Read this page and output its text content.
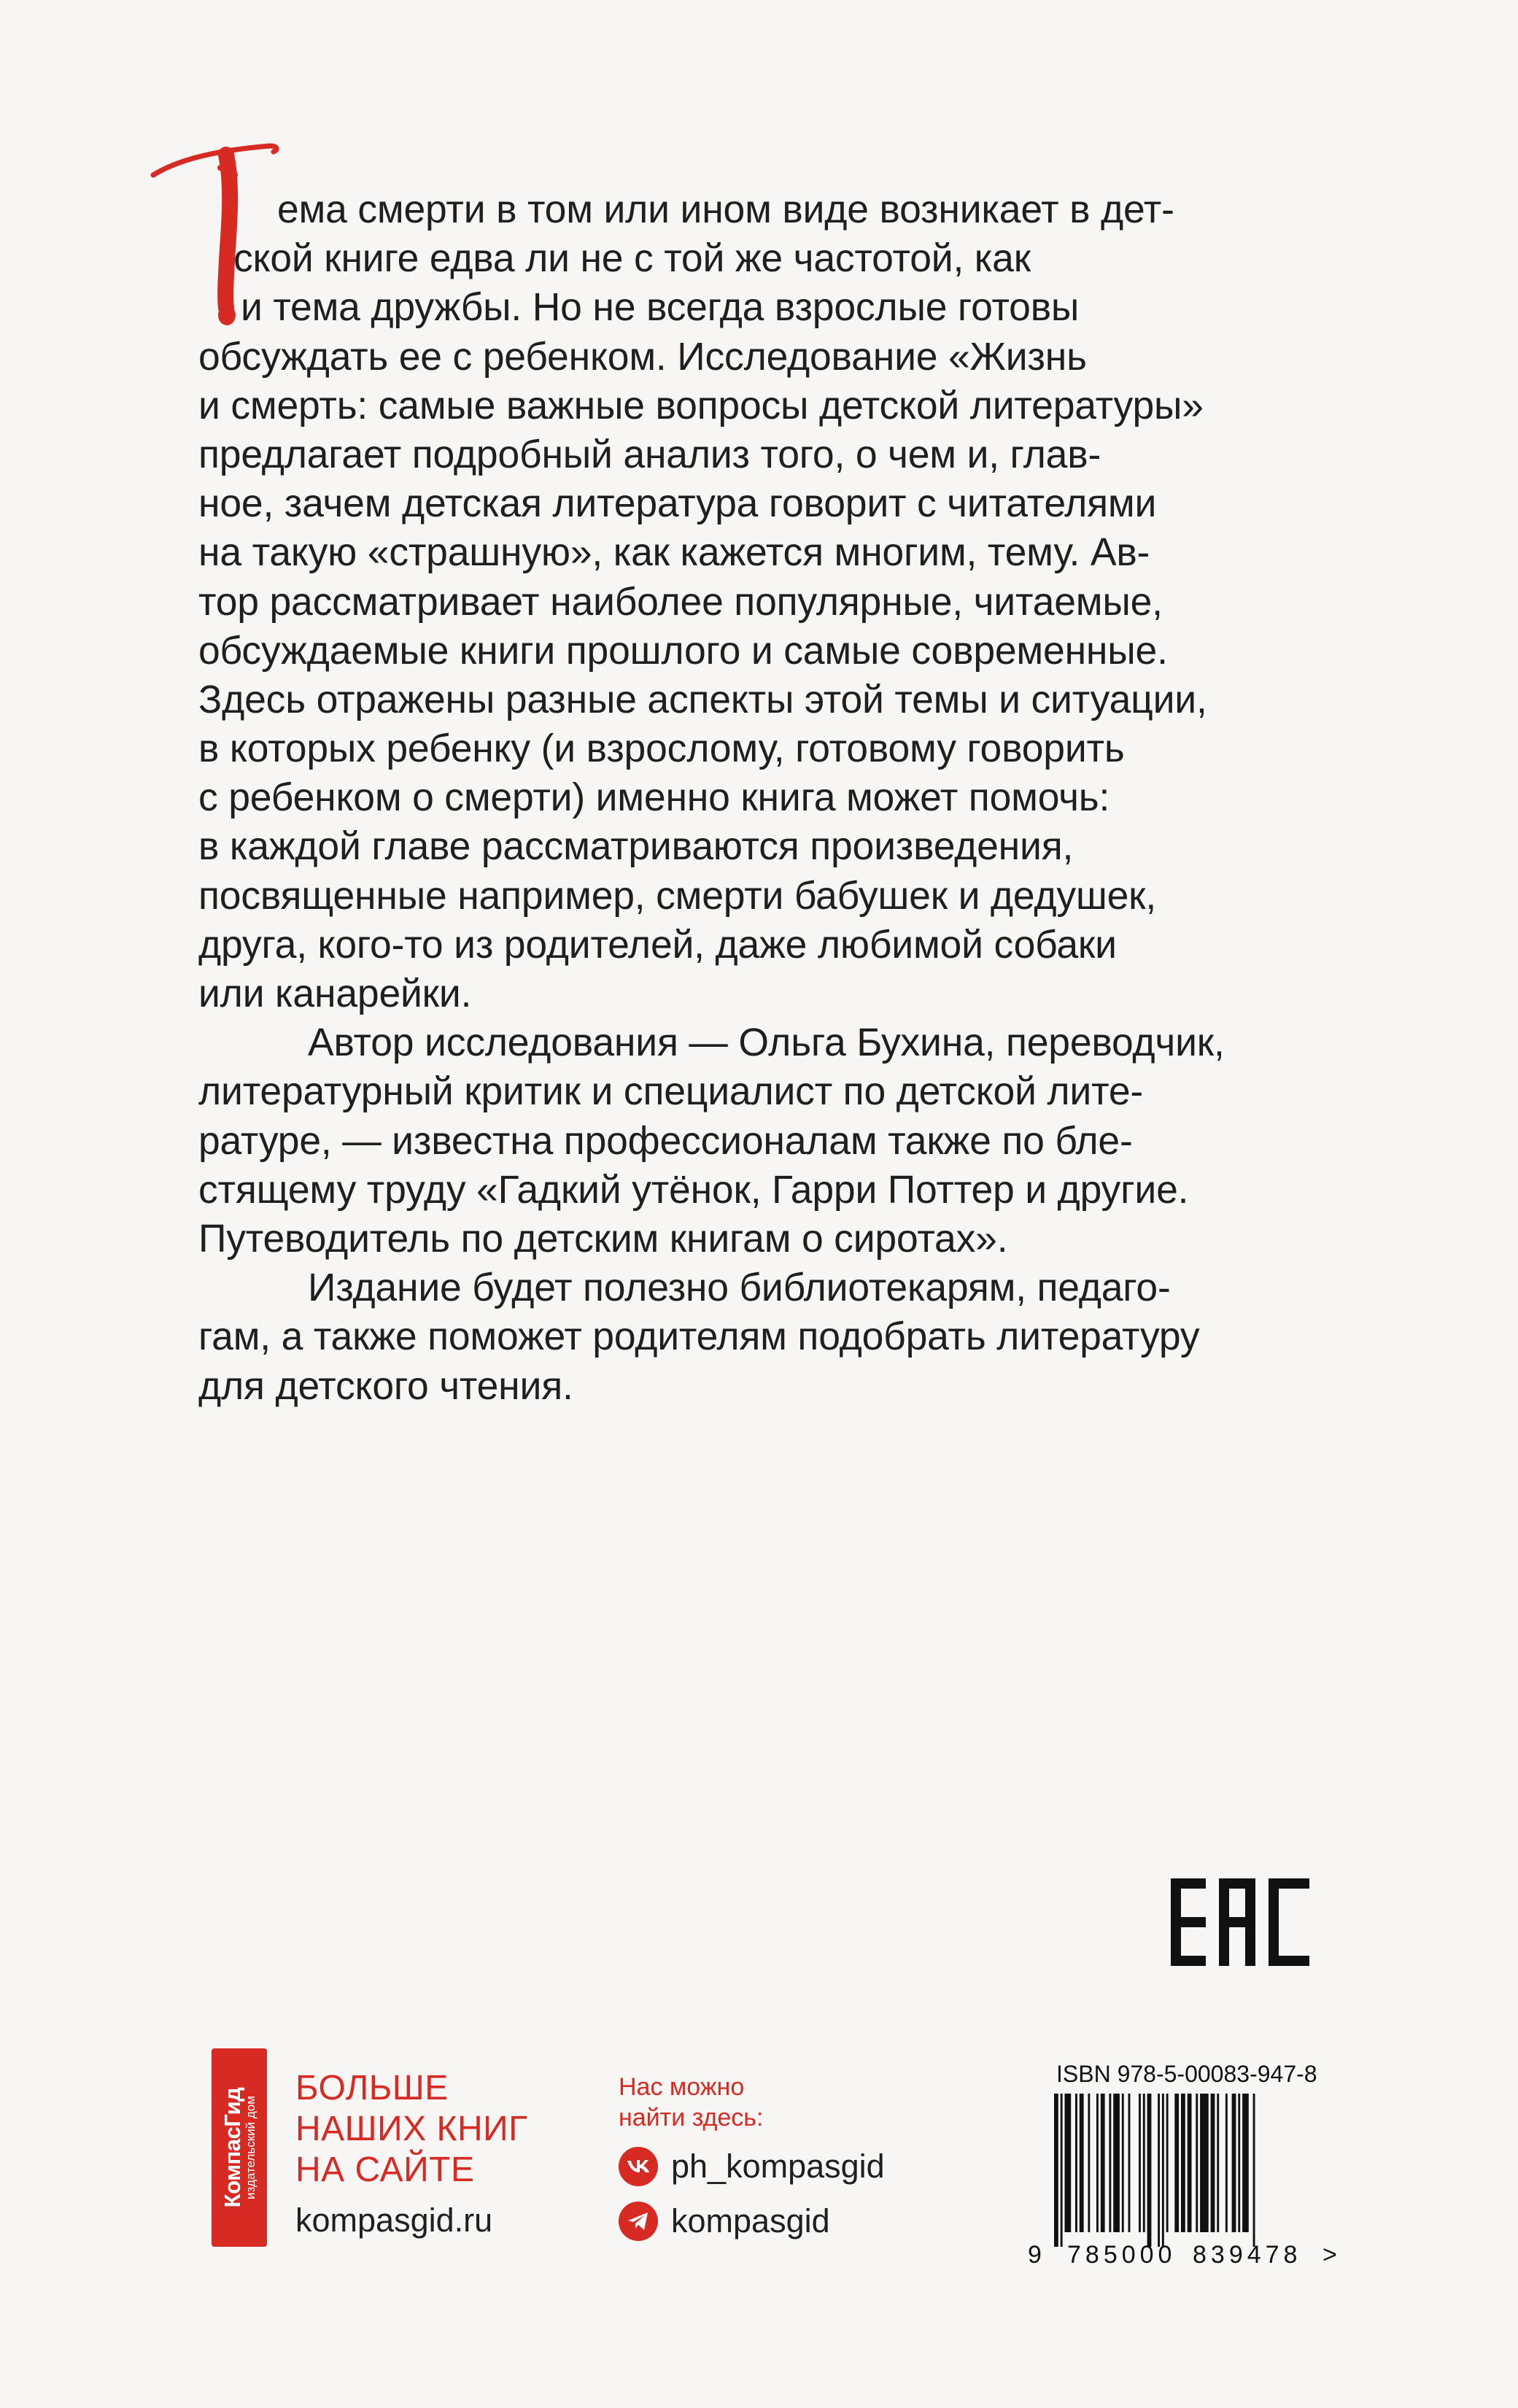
ема смерти в том или ином виде возникает в дет-
ской книге едва ли не с той же частотой, как
и тема дружбы. Но не всегда взрослые готовы
обсуждать ее с ребенком. Исследование «Жизнь
и смерть: самые важные вопросы детской литературы»
предлагает подробный анализ того, о чем и, глав-
ное, зачем детская литература говорит с читателями
на такую «страшную», как кажется многим, тему. Ав-
тор рассматривает наиболее популярные, читаемые,
обсуждаемые книги прошлого и самые современные.
Здесь отражены разные аспекты этой темы и ситуации,
в которых ребенку (и взрослому, готовому говорить
с ребенком о смерти) именно книга может помочь:
в каждой главе рассматриваются произведения,
посвященные например, смерти бабушек и дедушек,
друга, кого-то из родителей, даже любимой собаки
или канарейки.
Автор исследования — Ольга Бухина, переводчик,
литературный критик и специалист по детской лите-
ратуре, — известна профессионалам также по бле-
стящему труду «Гадкий утёнок, Гарри Поттер и другие.
Путеводитель по детским книгам о сиротах».
Издание будет полезно библиотекарям, педаго-
гам, а также поможет родителям подобрать литературу
для детского чтения.
КомпасГид
издательский дом
БОЛЬШЕ
НАШИХ КНИГ
НА САЙТЕ
kompasgid.ru
Нас можно
найти здесь:
ph_kompasgid
kompasgid
ISBN 978-5-00083-947-8
9 785000 839478 >
